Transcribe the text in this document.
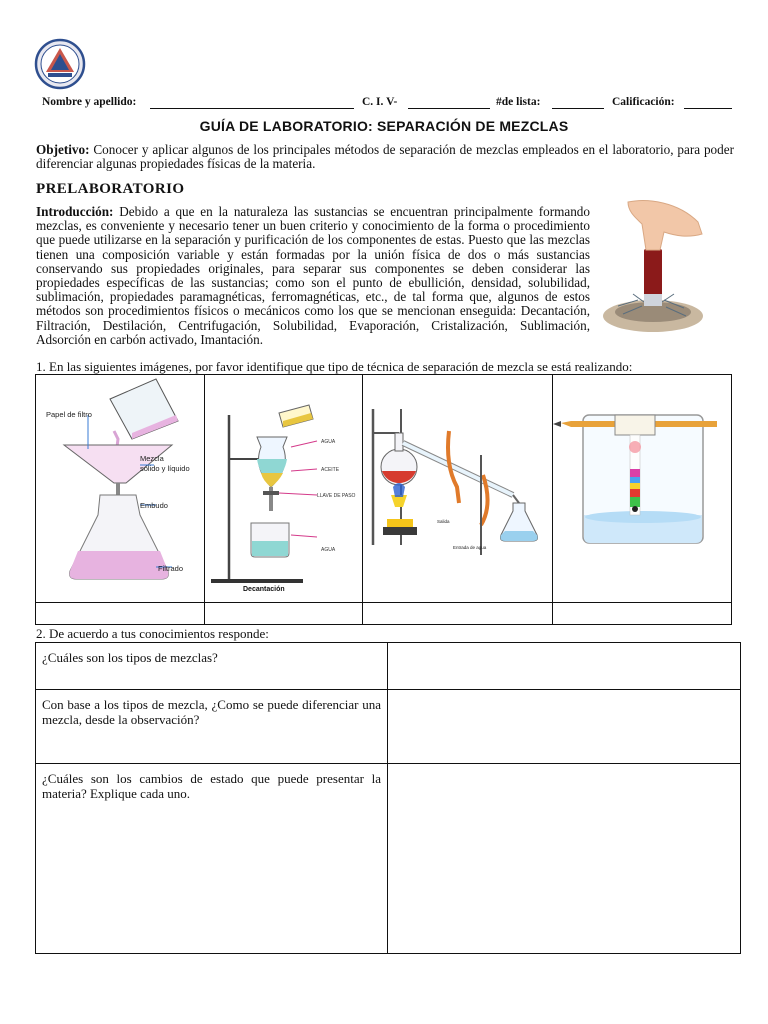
Nombre y apellido:	C. I. V-	#de lista:	Calificación:
GUÍA DE LABORATORIO: SEPARACIÓN DE MEZCLAS
Objetivo: Conocer y aplicar algunos de los principales métodos de separación de mezclas empleados en el laboratorio, para poder diferenciar algunas propiedades físicas de la materia.
PRELABORATORIO
Introducción: Debido a que en la naturaleza las sustancias se encuentran principalmente formando mezclas, es conveniente y necesario tener un buen criterio y conocimiento de la forma o procedimiento que puede utilizarse en la separación y purificación de los componentes de estas. Puesto que las mezclas tienen una composición variable y están formadas por la unión física de dos o más sustancias conservando sus propiedades originales, para separar sus componentes se deben considerar las propiedades específicas de las sustancias; como son el punto de ebullición, densidad, solubilidad, sublimación, propiedades paramagnéticas, ferromagnéticas, etc., de tal forma que, algunos de estos métodos son procedimientos físicos o mecánicos como los que se mencionan enseguida: Decantación, Filtración, Destilación, Centrifugación, Solubilidad, Evaporación, Cristalización, Sublimación, Adsorción en carbón activado, Imantación.
1. En las siguientes imágenes, por favor identifique que tipo de técnica de separación de mezcla se está realizando:
Papel de filtro
Mezcla
sólido y líquido
Embudo
Filtrado	AGUA
ACEITE
LLAVE DE PASO
AGUA
Decantación	Salida
Entrada de agua

2. De acuerdo a tus conocimientos responde:
¿Cuáles son los tipos de mezclas?	
Con base a los tipos de mezcla, ¿Como se puede diferenciar una mezcla, desde la observación?	
¿Cuáles son los cambios de estado que puede presentar la materia? Explique cada uno.	
